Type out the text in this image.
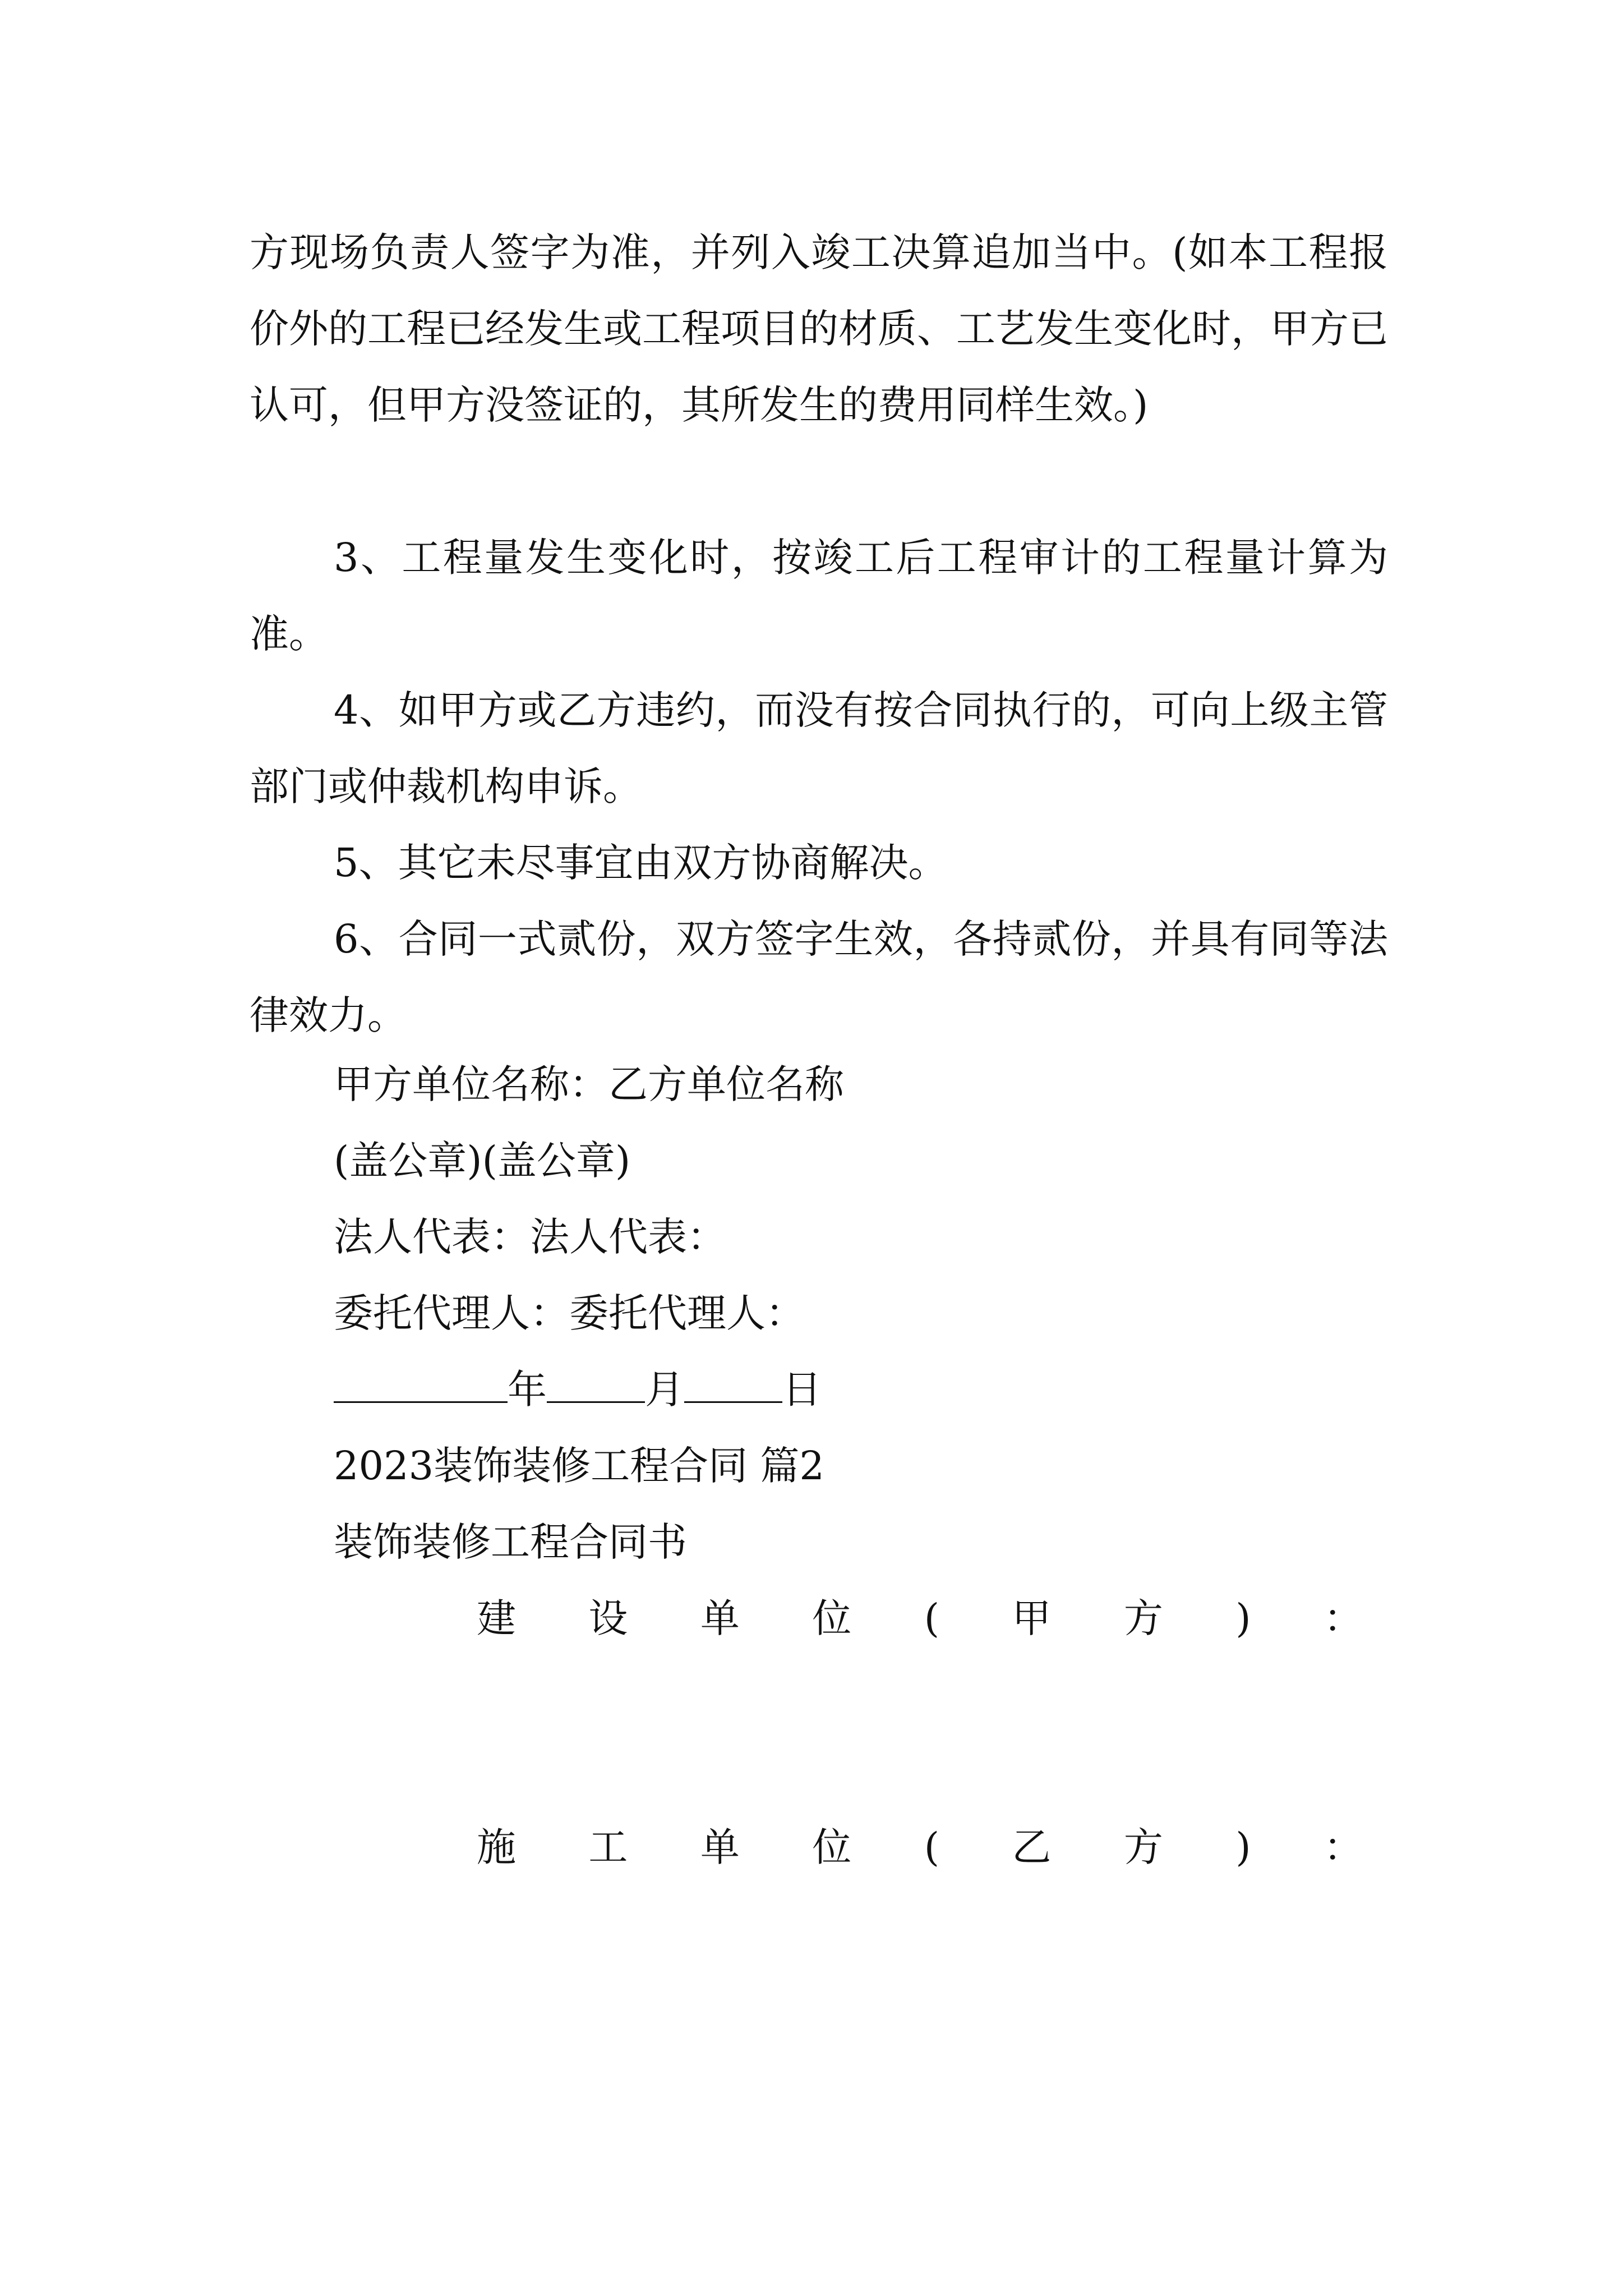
方现场负责人签字为准，并列入竣工决算追加当中。(如本工程报价外的工程已经发生或工程项目的材质、工艺发生变化时，甲方已认可，但甲方没签证的，其所发生的费用同样生效。)
3、工程量发生变化时，按竣工后工程审计的工程量计算为准。
4、如甲方或乙方违约，而没有按合同执行的，可向上级主管部门或仲裁机构申诉。
5、其它未尽事宜由双方协商解决。
6、合同一式贰份，双方签字生效，各持贰份，并具有同等法律效力。
甲方单位名称：乙方单位名称
(盖公章)(盖公章)
法人代表：法人代表：
委托代理人：委托代理人：
年	月	日
2023装饰装修工程合同 篇2
装饰装修工程合同书
建 设 单 位 ( 甲 方 ) ：
施 工 单 位 ( 乙 方 ) ：
